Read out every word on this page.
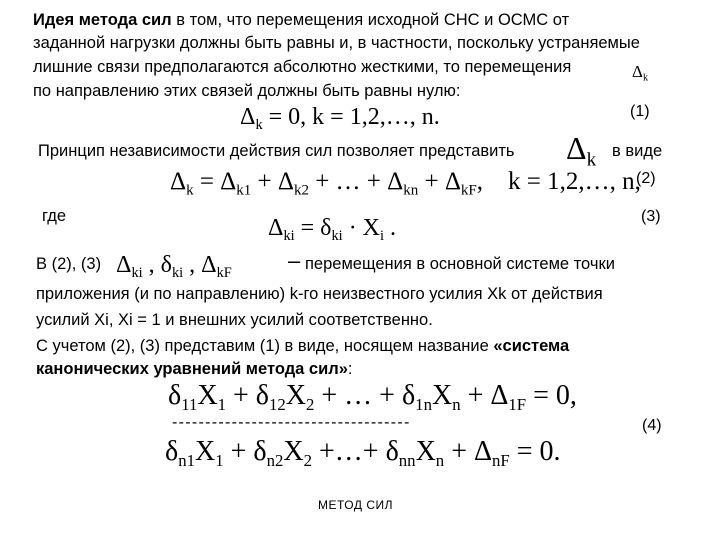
Идея метода сил в том, что перемещения исходной СНС и ОСМС от
заданной нагрузки должны быть равны и, в частности, поскольку устраняемые
лишние связи предполагаются абсолютно жесткими, то перемещения	$\Delta_k$
по направлению этих связей должны быть равны нулю:
$\Delta_k = 0$, k = 1,2,…, n.	(1)
Принцип независимости действия сил позволяет представить $\Delta_k$ в виде
$\Delta_k = \Delta_{k1} + \Delta_{k2}$ + … + $\Delta_{kn} + \Delta_{kF}$,    k = 1,2,…, n,
(2)
где	$\Delta_{ki} = \delta_{ki} \cdot X_i$ .	(3)
В (2), (3) $\Delta_{ki}$ , $\delta_{ki}$ , $\Delta_{kF}$
– перемещения в основной системе точки
приложения (и по направлению) k-го неизвестного усилия Xk от действия
усилий Xi, Xi = 1 и внешних усилий соответственно.
С учетом (2), (3) представим (1) в виде, носящем название «система
канонических уравнений метода сил»:
$\delta_{11}X_1 + \delta_{12}X_2$ + … + $\delta_{1n}X_n + \Delta_{1F} = 0$,
------------------------------------	(4)
$\delta_{n1}X_1 + \delta_{n2}X_2$ +…+ $\delta_{nn}X_n + \Delta_{nF} = 0$.
МЕТОД СИЛ
